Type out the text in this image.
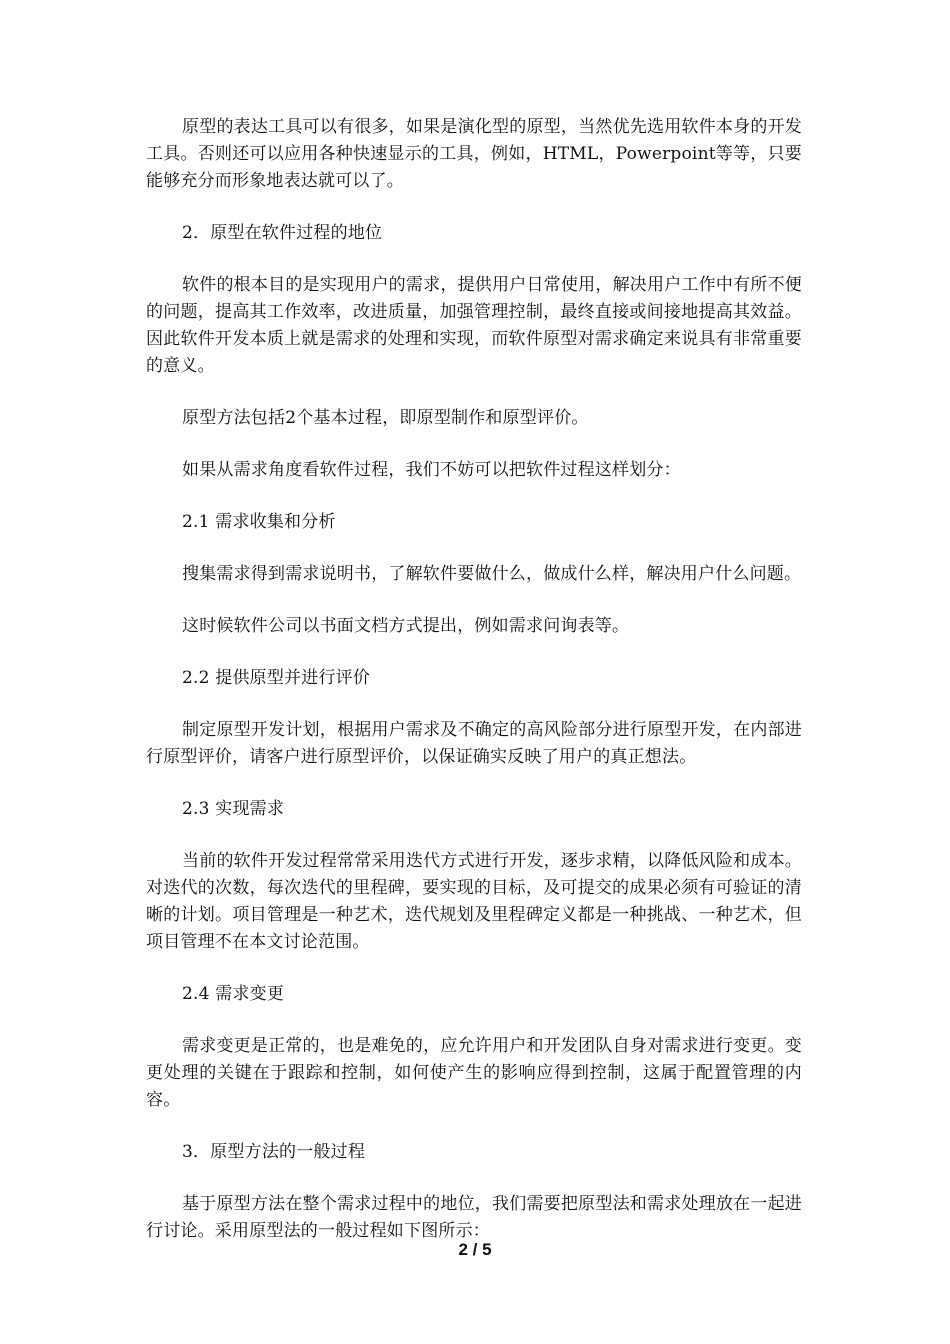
原型的表达工具可以有很多，如果是演化型的原型，当然优先选用软件本身的开发工具。否则还可以应用各种快速显示的工具，例如，HTML，Powerpoint等等，只要能够充分而形象地表达就可以了。

2．原型在软件过程的地位

软件的根本目的是实现用户的需求，提供用户日常使用，解决用户工作中有所不便的问题，提高其工作效率，改进质量，加强管理控制，最终直接或间接地提高其效益。因此软件开发本质上就是需求的处理和实现，而软件原型对需求确定来说具有非常重要的意义。

原型方法包括2个基本过程，即原型制作和原型评价。

如果从需求角度看软件过程，我们不妨可以把软件过程这样划分：

2.1 需求收集和分析

搜集需求得到需求说明书，了解软件要做什么，做成什么样，解决用户什么问题。

这时候软件公司以书面文档方式提出，例如需求问询表等。

2.2 提供原型并进行评价

制定原型开发计划，根据用户需求及不确定的高风险部分进行原型开发，在内部进行原型评价，请客户进行原型评价，以保证确实反映了用户的真正想法。

2.3 实现需求

当前的软件开发过程常常采用迭代方式进行开发，逐步求精，以降低风险和成本。对迭代的次数，每次迭代的里程碑，要实现的目标，及可提交的成果必须有可验证的清晰的计划。项目管理是一种艺术，迭代规划及里程碑定义都是一种挑战、一种艺术，但项目管理不在本文讨论范围。

2.4 需求变更

需求变更是正常的，也是难免的，应允许用户和开发团队自身对需求进行变更。变更处理的关键在于跟踪和控制，如何使产生的影响应得到控制，这属于配置管理的内容。

3．原型方法的一般过程

基于原型方法在整个需求过程中的地位，我们需要把原型法和需求处理放在一起进行讨论。采用原型法的一般过程如下图所示：

2 / 5
